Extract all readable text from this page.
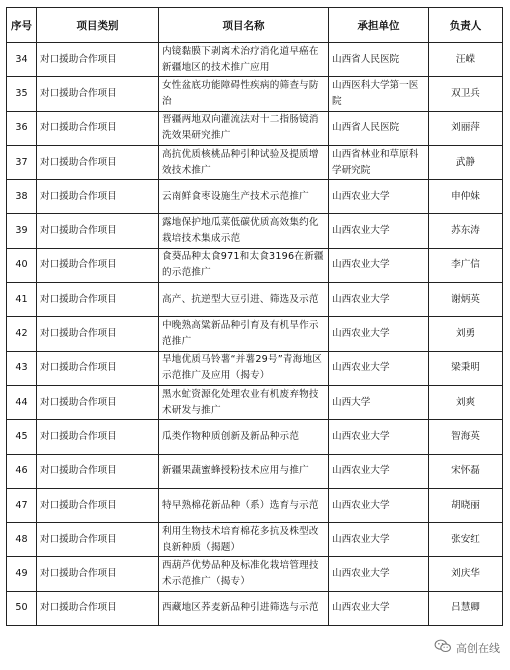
序号	项目类别	项目名称	承担单位	负责人
34	对口援助合作项目	内镜黏膜下剥离术治疗消化道早癌在新疆地区的技术推广应用	山西省人民医院	汪嵘
35	对口援助合作项目	女性盆底功能障碍性疾病的筛查与防治	山西医科大学第一医院	双卫兵
36	对口援助合作项目	晋疆两地双向灌流法对十二指肠镜消洗效果研究推广	山西省人民医院	刘丽萍
37	对口援助合作项目	高抗优质核桃品种引种试验及提质增效技术推广	山西省林业和草原科学研究院	武静
38	对口援助合作项目	云南鲜食枣设施生产技术示范推广	山西农业大学	申仲妹
39	对口援助合作项目	露地保护地瓜菜低碳优质高效集约化栽培技术集成示范	山西农业大学	苏东涛
40	对口援助合作项目	食葵品种太食971和太食3196在新疆的示范推广	山西农业大学	李广信
41	对口援助合作项目	高产、抗逆型大豆引进、筛选及示范	山西农业大学	谢炳英
42	对口援助合作项目	中晚熟高粱新品种引育及有机旱作示范推广	山西农业大学	刘勇
43	对口援助合作项目	旱地优质马铃薯“并薯29号”青海地区示范推广及应用（揭专）	山西农业大学	梁秉明
44	对口援助合作项目	黑水虻资源化处理农业有机废弃物技术研发与推广	山西大学	刘爽
45	对口援助合作项目	瓜类作物种质创新及新品种示范	山西农业大学	智海英
46	对口援助合作项目	新疆果蔬蜜蜂授粉技术应用与推广	山西农业大学	宋怀磊
47	对口援助合作项目	特早熟棉花新品种（系）选育与示范	山西农业大学	胡晓丽
48	对口援助合作项目	利用生物技术培育棉花多抗及株型改良新种质（揭题）	山西农业大学	张安红
49	对口援助合作项目	西葫芦优势品种及标准化栽培管理技术示范推广（揭专）	山西农业大学	刘庆华
50	对口援助合作项目	西藏地区荞麦新品种引进筛选与示范	山西农业大学	吕慧卿
高创在线
